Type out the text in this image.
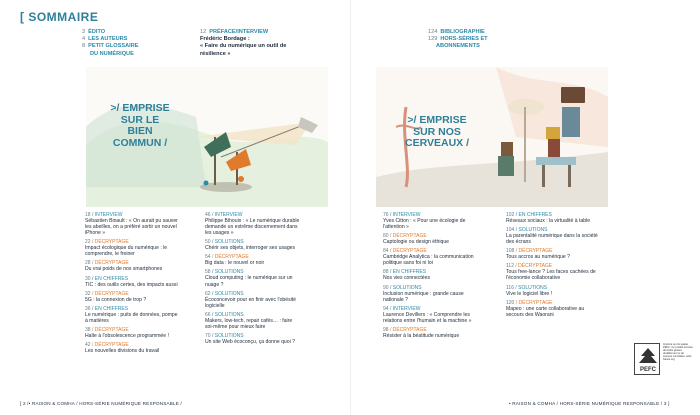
[ SOMMAIRE
3 ÉDITO
4 LES AUTEURS
8 PETIT GLOSSAIRE
DU NUMÉRIQUE
12 PRÉFACE/INTERVIEW
Frédéric Bordage :
« Faire du numérique un outil de résilience »
124 BIBLIOGRAPHIE
129 HORS-SÉRIES ET
ABONNEMENTS
>/ EMPRISE SUR LE BIEN COMMUN /
>/ EMPRISE SUR NOS CERVEAUX /
18 / INTERVIEW
Sébastien Binault : « On aurait pu sauver les abeilles, on a préféré sortir un nouvel iPhone »
22 / DÉCRYPTAGE
Impact écologique du numérique : le comprendre, le freiner
28 / DÉCRYPTAGE
Du vrai poids de nos smartphones
30 / EN CHIFFRES
TIC : des outils certes, des impacts aussi
32 / DÉCRYPTAGE
5G : la connexion de trop ?
36 / EN CHIFFRES
Le numérique : puits de données, pompe à matières
38 / DÉCRYPTAGE
Halte à l'obsolescence programmée !
42 / DÉCRYPTAGE
Les nouvelles divisions du travail
46 / INTERVIEW
Philippe Bihouix : « Le numérique durable demande un extrême discernement dans les usages »
50 / SOLUTIONS
Chérir ses objets, interroger ses usages
54 / DÉCRYPTAGE
Big data : le nouvel or noir
58 / SOLUTIONS
Cloud computing : le numérique sur un nuage ?
62 / SOLUTIONS
Écoconcevoir pour en finir avec l'obésité logicielle
66 / SOLUTIONS
Makers, low-tech, repair cafés… : faire soi-même pour mieux faire
70 / SOLUTIONS
Un site Web écoconçu, ça donne quoi ?
76 / INTERVIEW
Yves Citton : « Pour une écologie de l'attention »
80 / DÉCRYPTAGE
Captologie ou design éthique
84 / DÉCRYPTAGE
Cambridge Analytica : la communication politique sans foi ni loi
88 / EN CHIFFRES
Nos vies connectées
90 / SOLUTIONS
Inclusion numérique : grande cause nationale ?
94 / INTERVIEW
Laurence Devillers : « Comprendre les relations entre l'humain et la machine »
98 / DÉCRYPTAGE
Résister à la béatitude numérique
102 / EN CHIFFRES
Réseaux sociaux : la virtualité à table
104 / SOLUTIONS
La parentalité numérique dans la société des écrans
108 / DÉCRYPTAGE
Tous accros au numérique ?
112 / DÉCRYPTAGE
Tous free-lance ? Les faces cachées de l'économie collaborative
116 / SOLUTIONS
Vive le logiciel libre !
120 / DÉCRYPTAGE
Mapeo : une carte collaborative au secours des Waorani
PEFC
Imprimé sur du papier PEFC. Ce produit est issu de forêts gérées durablement et de sources contrôlées. pefc-france.org
[ 2 /• RAISON & COMHA / HORS-SÉRIE NUMÉRIQUE RESPONSABLE /	• RAISON & COMHA / HORS-SÉRIE NUMÉRIQUE RESPONSABLE / 3 ]
